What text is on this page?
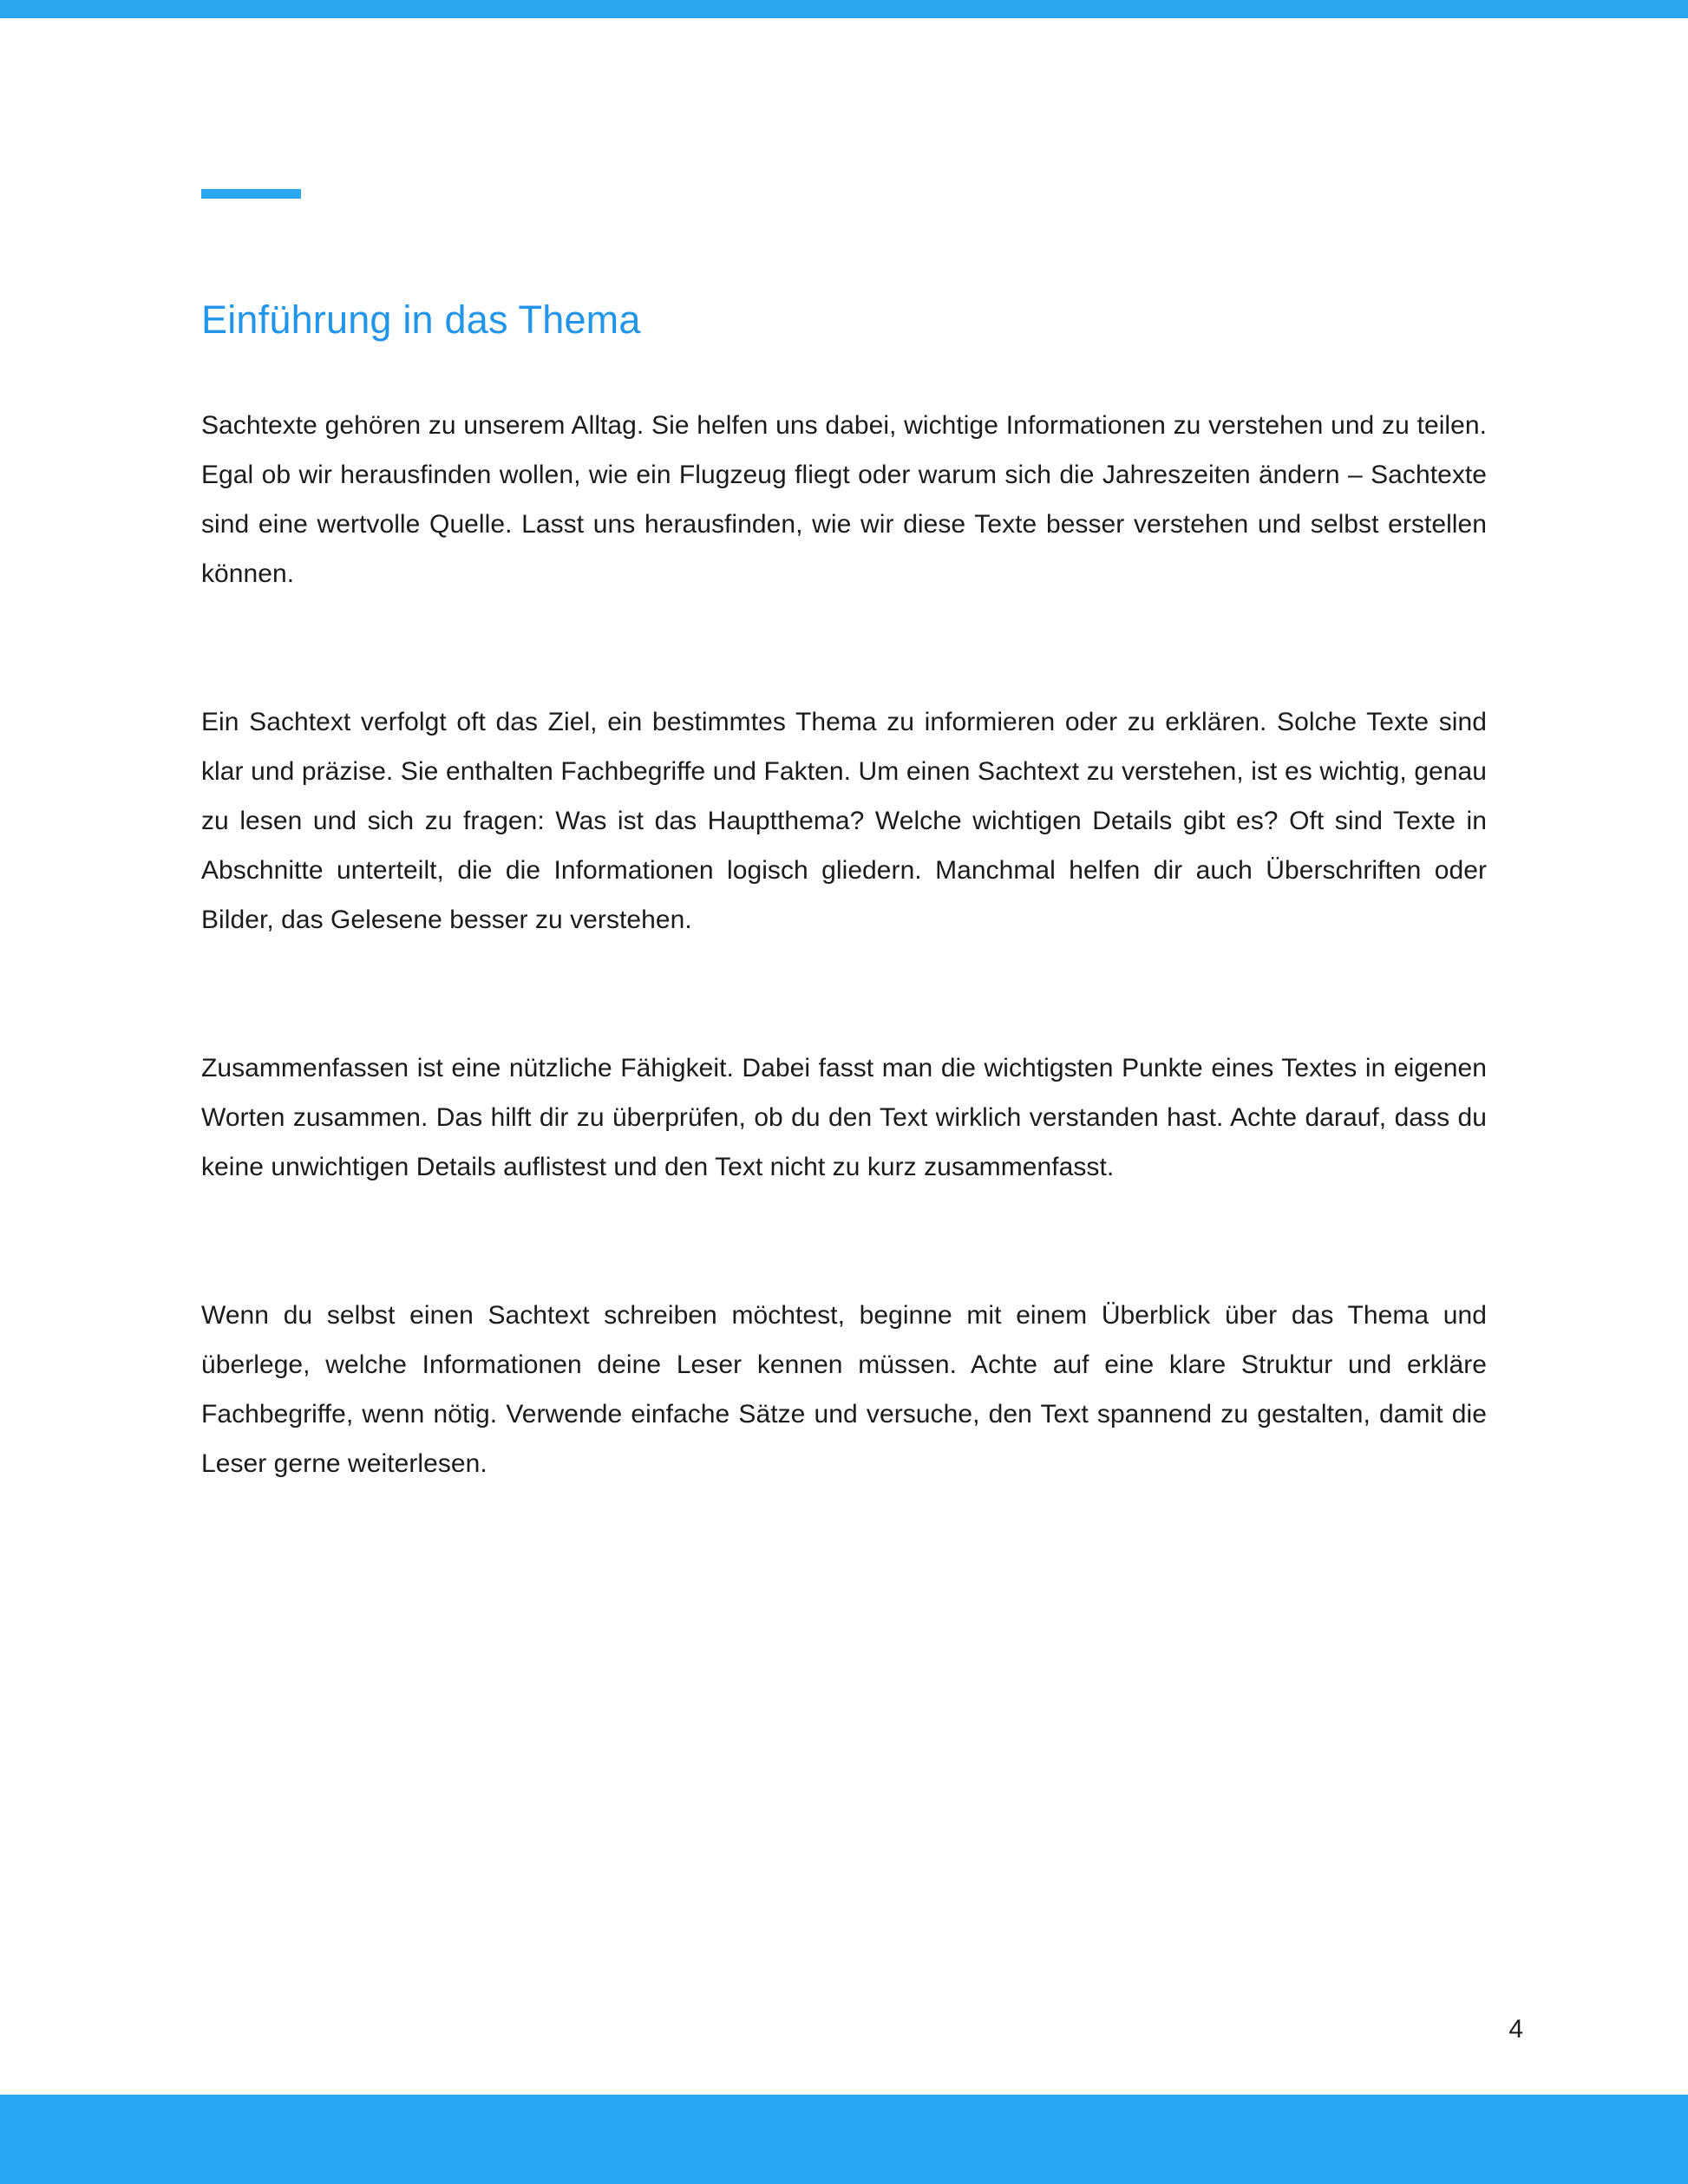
Einführung in das Thema

Sachtexte gehören zu unserem Alltag. Sie helfen uns dabei, wichtige Informationen zu verstehen und zu teilen. Egal ob wir herausfinden wollen, wie ein Flugzeug fliegt oder warum sich die Jahreszeiten ändern – Sachtexte sind eine wertvolle Quelle. Lasst uns herausfinden, wie wir diese Texte besser verstehen und selbst erstellen können.

Ein Sachtext verfolgt oft das Ziel, ein bestimmtes Thema zu informieren oder zu erklären. Solche Texte sind klar und präzise. Sie enthalten Fachbegriffe und Fakten. Um einen Sachtext zu verstehen, ist es wichtig, genau zu lesen und sich zu fragen: Was ist das Hauptthema? Welche wichtigen Details gibt es? Oft sind Texte in Abschnitte unterteilt, die die Informationen logisch gliedern. Manchmal helfen dir auch Überschriften oder Bilder, das Gelesene besser zu verstehen.

Zusammenfassen ist eine nützliche Fähigkeit. Dabei fasst man die wichtigsten Punkte eines Textes in eigenen Worten zusammen. Das hilft dir zu überprüfen, ob du den Text wirklich verstanden hast. Achte darauf, dass du keine unwichtigen Details auflistest und den Text nicht zu kurz zusammenfasst.

Wenn du selbst einen Sachtext schreiben möchtest, beginne mit einem Überblick über das Thema und überlege, welche Informationen deine Leser kennen müssen. Achte auf eine klare Struktur und erkläre Fachbegriffe, wenn nötig. Verwende einfache Sätze und versuche, den Text spannend zu gestalten, damit die Leser gerne weiterlesen.

4
